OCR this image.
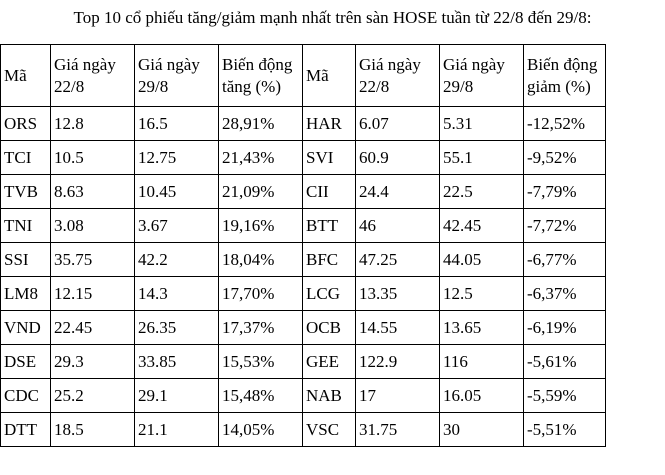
Top 10 cổ phiếu tăng/giảm mạnh nhất trên sàn HOSE tuần từ 22/8 đến 29/8:
Mã	Giá ngày 22/8	Giá ngày 29/8	Biến động tăng (%)	Mã	Giá ngày 22/8	Giá ngày 29/8	Biến động giảm (%)
ORS	12.8	16.5	28,91%	HAR	6.07	5.31	-12,52%
TCI	10.5	12.75	21,43%	SVI	60.9	55.1	-9,52%
TVB	8.63	10.45	21,09%	CII	24.4	22.5	-7,79%
TNI	3.08	3.67	19,16%	BTT	46	42.45	-7,72%
SSI	35.75	42.2	18,04%	BFC	47.25	44.05	-6,77%
LM8	12.15	14.3	17,70%	LCG	13.35	12.5	-6,37%
VND	22.45	26.35	17,37%	OCB	14.55	13.65	-6,19%
DSE	29.3	33.85	15,53%	GEE	122.9	116	-5,61%
CDC	25.2	29.1	15,48%	NAB	17	16.05	-5,59%
DTT	18.5	21.1	14,05%	VSC	31.75	30	-5,51%
